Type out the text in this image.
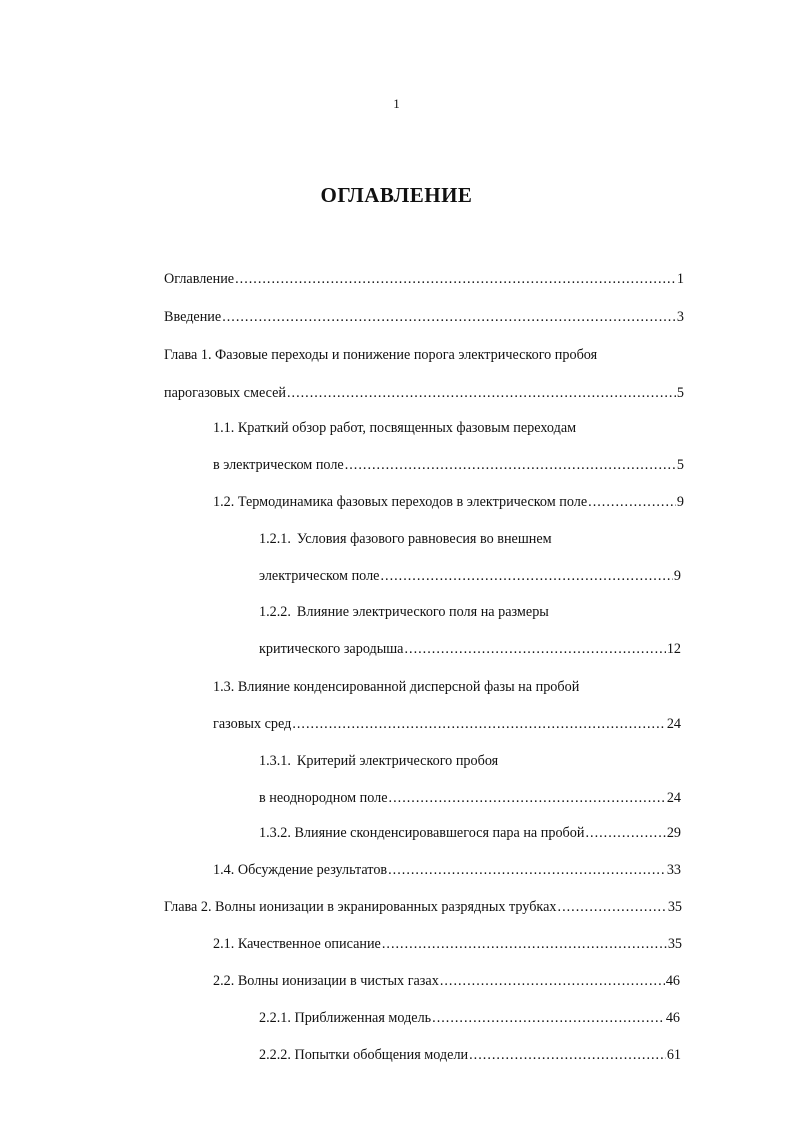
1
ОГЛАВЛЕНИЕ
Оглавление .....	1
Введение .....	3
Глава 1. Фазовые переходы и понижение порога электрического пробоя
парогазовых смесей .....	5
1.1. Краткий обзор работ, посвященных фазовым переходам
в электрическом поле .....	5
1.2. Термодинамика фазовых переходов в электрическом поле .....	9
1.2.1. Условия фазового равновесия во внешнем
электрическом поле .....	9
1.2.2. Влияние электрического поля на размеры
критического зародыша .....	12
1.3. Влияние конденсированной дисперсной фазы на пробой
газовых сред .....	24
1.3.1. Критерий электрического пробоя
в неоднородном поле .....	24
1.3.2. Влияние сконденсировавшегося пара на пробой .....	29
1.4. Обсуждение результатов .....	33
Глава 2. Волны ионизации в экранированных разрядных трубках .....	35
2.1. Качественное описание .....	35
2.2. Волны ионизации в чистых газах .....	46
2.2.1. Приближенная модель .....	46
2.2.2. Попытки обобщения модели .....	61
